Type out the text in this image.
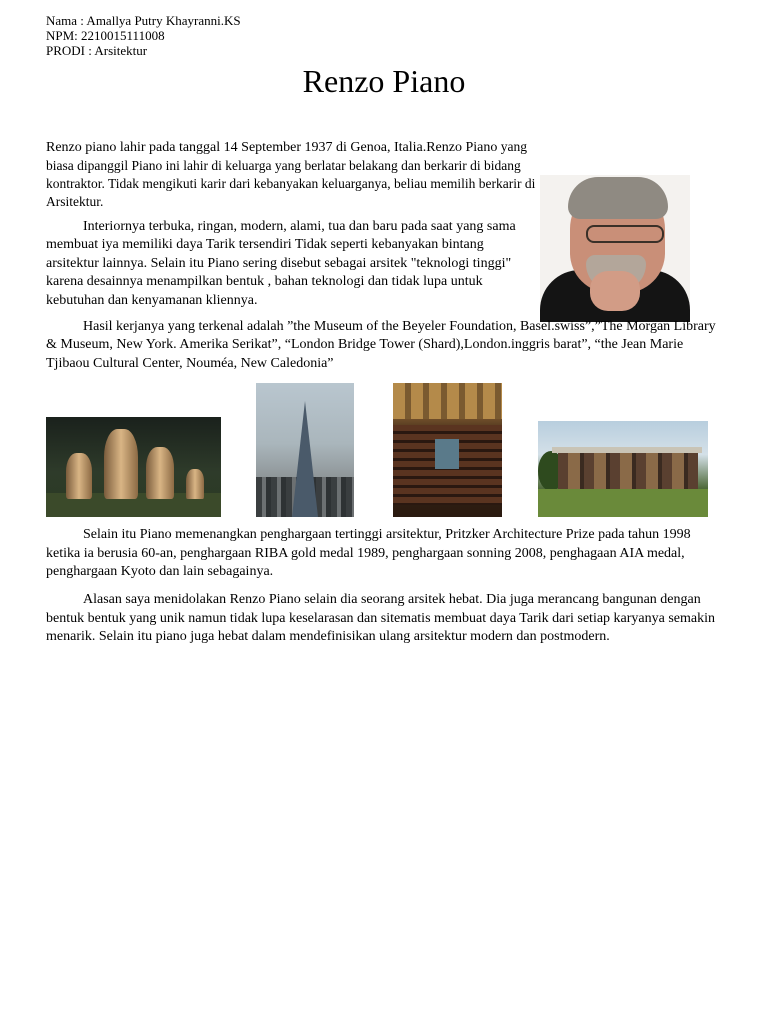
Nama : Amallya Putry Khayranni.KS
NPM: 2210015111008
PRODI : Arsitektur
Renzo Piano

Renzo piano lahir pada tanggal 14 September 1937 di Genoa, Italia.Renzo Piano yang biasa dipanggil Piano ini lahir di keluarga yang berlatar belakang dan berkarir di bidang kontraktor. Tidak mengikuti karir dari kebanyakan keluarganya, beliau memilih berkarir di Arsitektur.

Interiornya terbuka, ringan, modern, alami, tua dan baru pada saat yang sama membuat iya memiliki daya Tarik tersendiri Tidak seperti kebanyakan bintang arsitektur lainnya. Selain itu Piano sering disebut sebagai arsitek "teknologi tinggi" karena desainnya menampilkan bentuk , bahan teknologi dan tidak lupa untuk kebutuhan dan kenyamanan kliennya.

Hasil kerjanya yang terkenal adalah ”the Museum of the Beyeler Foundation, Basel.swiss”,”The Morgan Library & Museum, New York. Amerika Serikat”, “London Bridge Tower (Shard),London.inggris barat”, “the Jean Marie Tjibaou Cultural Center, Nouméa, New Caledonia”

Selain itu Piano memenangkan penghargaan tertinggi arsitektur, Pritzker Architecture Prize pada tahun 1998 ketika ia berusia 60-an, penghargaan RIBA gold medal 1989, penghargaan sonning 2008, penghagaan AIA medal, penghargaan Kyoto dan lain sebagainya.

Alasan saya menidolakan Renzo Piano selain dia seorang arsitek hebat. Dia juga merancang bangunan dengan bentuk bentuk yang unik namun tidak lupa keselarasan dan sitematis membuat daya Tarik dari setiap karyanya semakin menarik. Selain itu piano juga hebat dalam mendefinisikan ulang arsitektur modern dan postmodern.
